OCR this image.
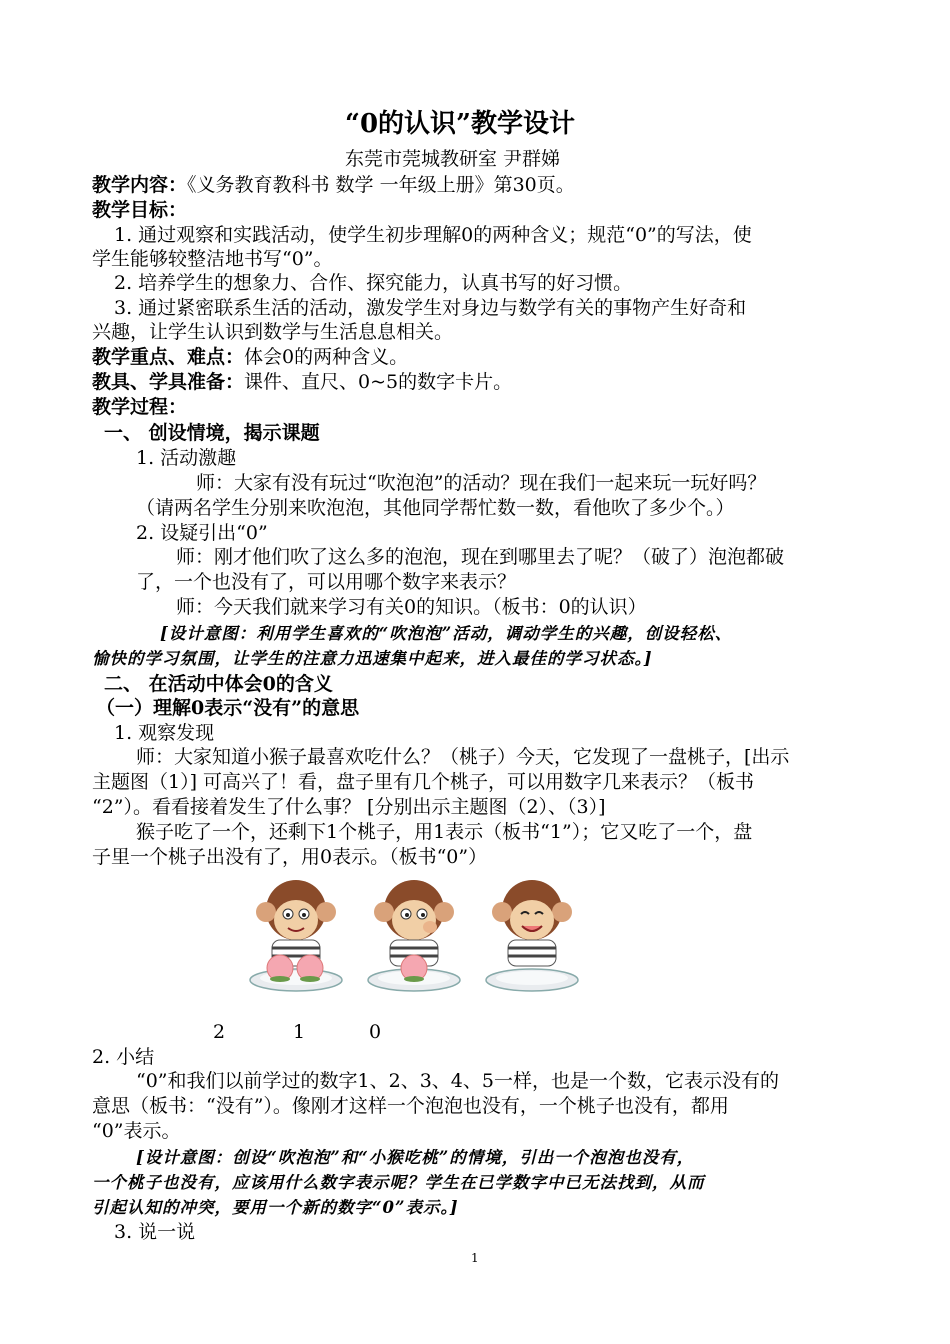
“0的认识”教学设计
东莞市莞城教研室 尹群娣
教学内容：《义务教育教科书 数学 一年级上册》第30页。
教学目标：
1. 通过观察和实践活动，使学生初步理解0的两种含义；规范“0”的写法，使
学生能够较整洁地书写“0”。
2. 培养学生的想象力、合作、探究能力，认真书写的好习惯。
3. 通过紧密联系生活的活动，激发学生对身边与数学有关的事物产生好奇和
兴趣，让学生认识到数学与生活息息相关。
教学重点、难点：体会0的两种含义。
教具、学具准备：课件、直尺、0~5的数字卡片。
教学过程：
一、 创设情境，揭示课题
1. 活动激趣
师：大家有没有玩过“吹泡泡”的活动？现在我们一起来玩一玩好吗？
（请两名学生分别来吹泡泡，其他同学帮忙数一数，看他吹了多少个。）
2. 设疑引出“0”
师：刚才他们吹了这么多的泡泡，现在到哪里去了呢？（破了）泡泡都破
了，一个也没有了，可以用哪个数字来表示？
师：今天我们就来学习有关0的知识。（板书：0的认识）
[设计意图：利用学生喜欢的“吹泡泡”活动，调动学生的兴趣，创设轻松、
愉快的学习氛围，让学生的注意力迅速集中起来，进入最佳的学习状态。]
二、 在活动中体会0的含义
（一）理解0表示“没有”的意思
1. 观察发现
师：大家知道小猴子最喜欢吃什么？（桃子）今天，它发现了一盘桃子，[出示
主题图（1）] 可高兴了！看，盘子里有几个桃子，可以用数字几来表示？（板书
“2”）。看看接着发生了什么事？ [分别出示主题图（2）、（3）]
猴子吃了一个，还剩下1个桃子，用1表示（板书“1”）；它又吃了一个，盘
子里一个桃子出没有了，用0表示。（板书“0”）
2	1	0
2. 小结
“0”和我们以前学过的数字1、2、3、4、5一样，也是一个数，它表示没有的
意思（板书：“没有”）。像刚才这样一个泡泡也没有，一个桃子也没有，都用
“0”表示。
[设计意图：创设“吹泡泡”和“小猴吃桃”的情境，引出一个泡泡也没有，
一个桃子也没有，应该用什么数字表示呢？学生在已学数字中已无法找到，从而
引起认知的冲突，要用一个新的数字“0”表示。]
3. 说一说
1
